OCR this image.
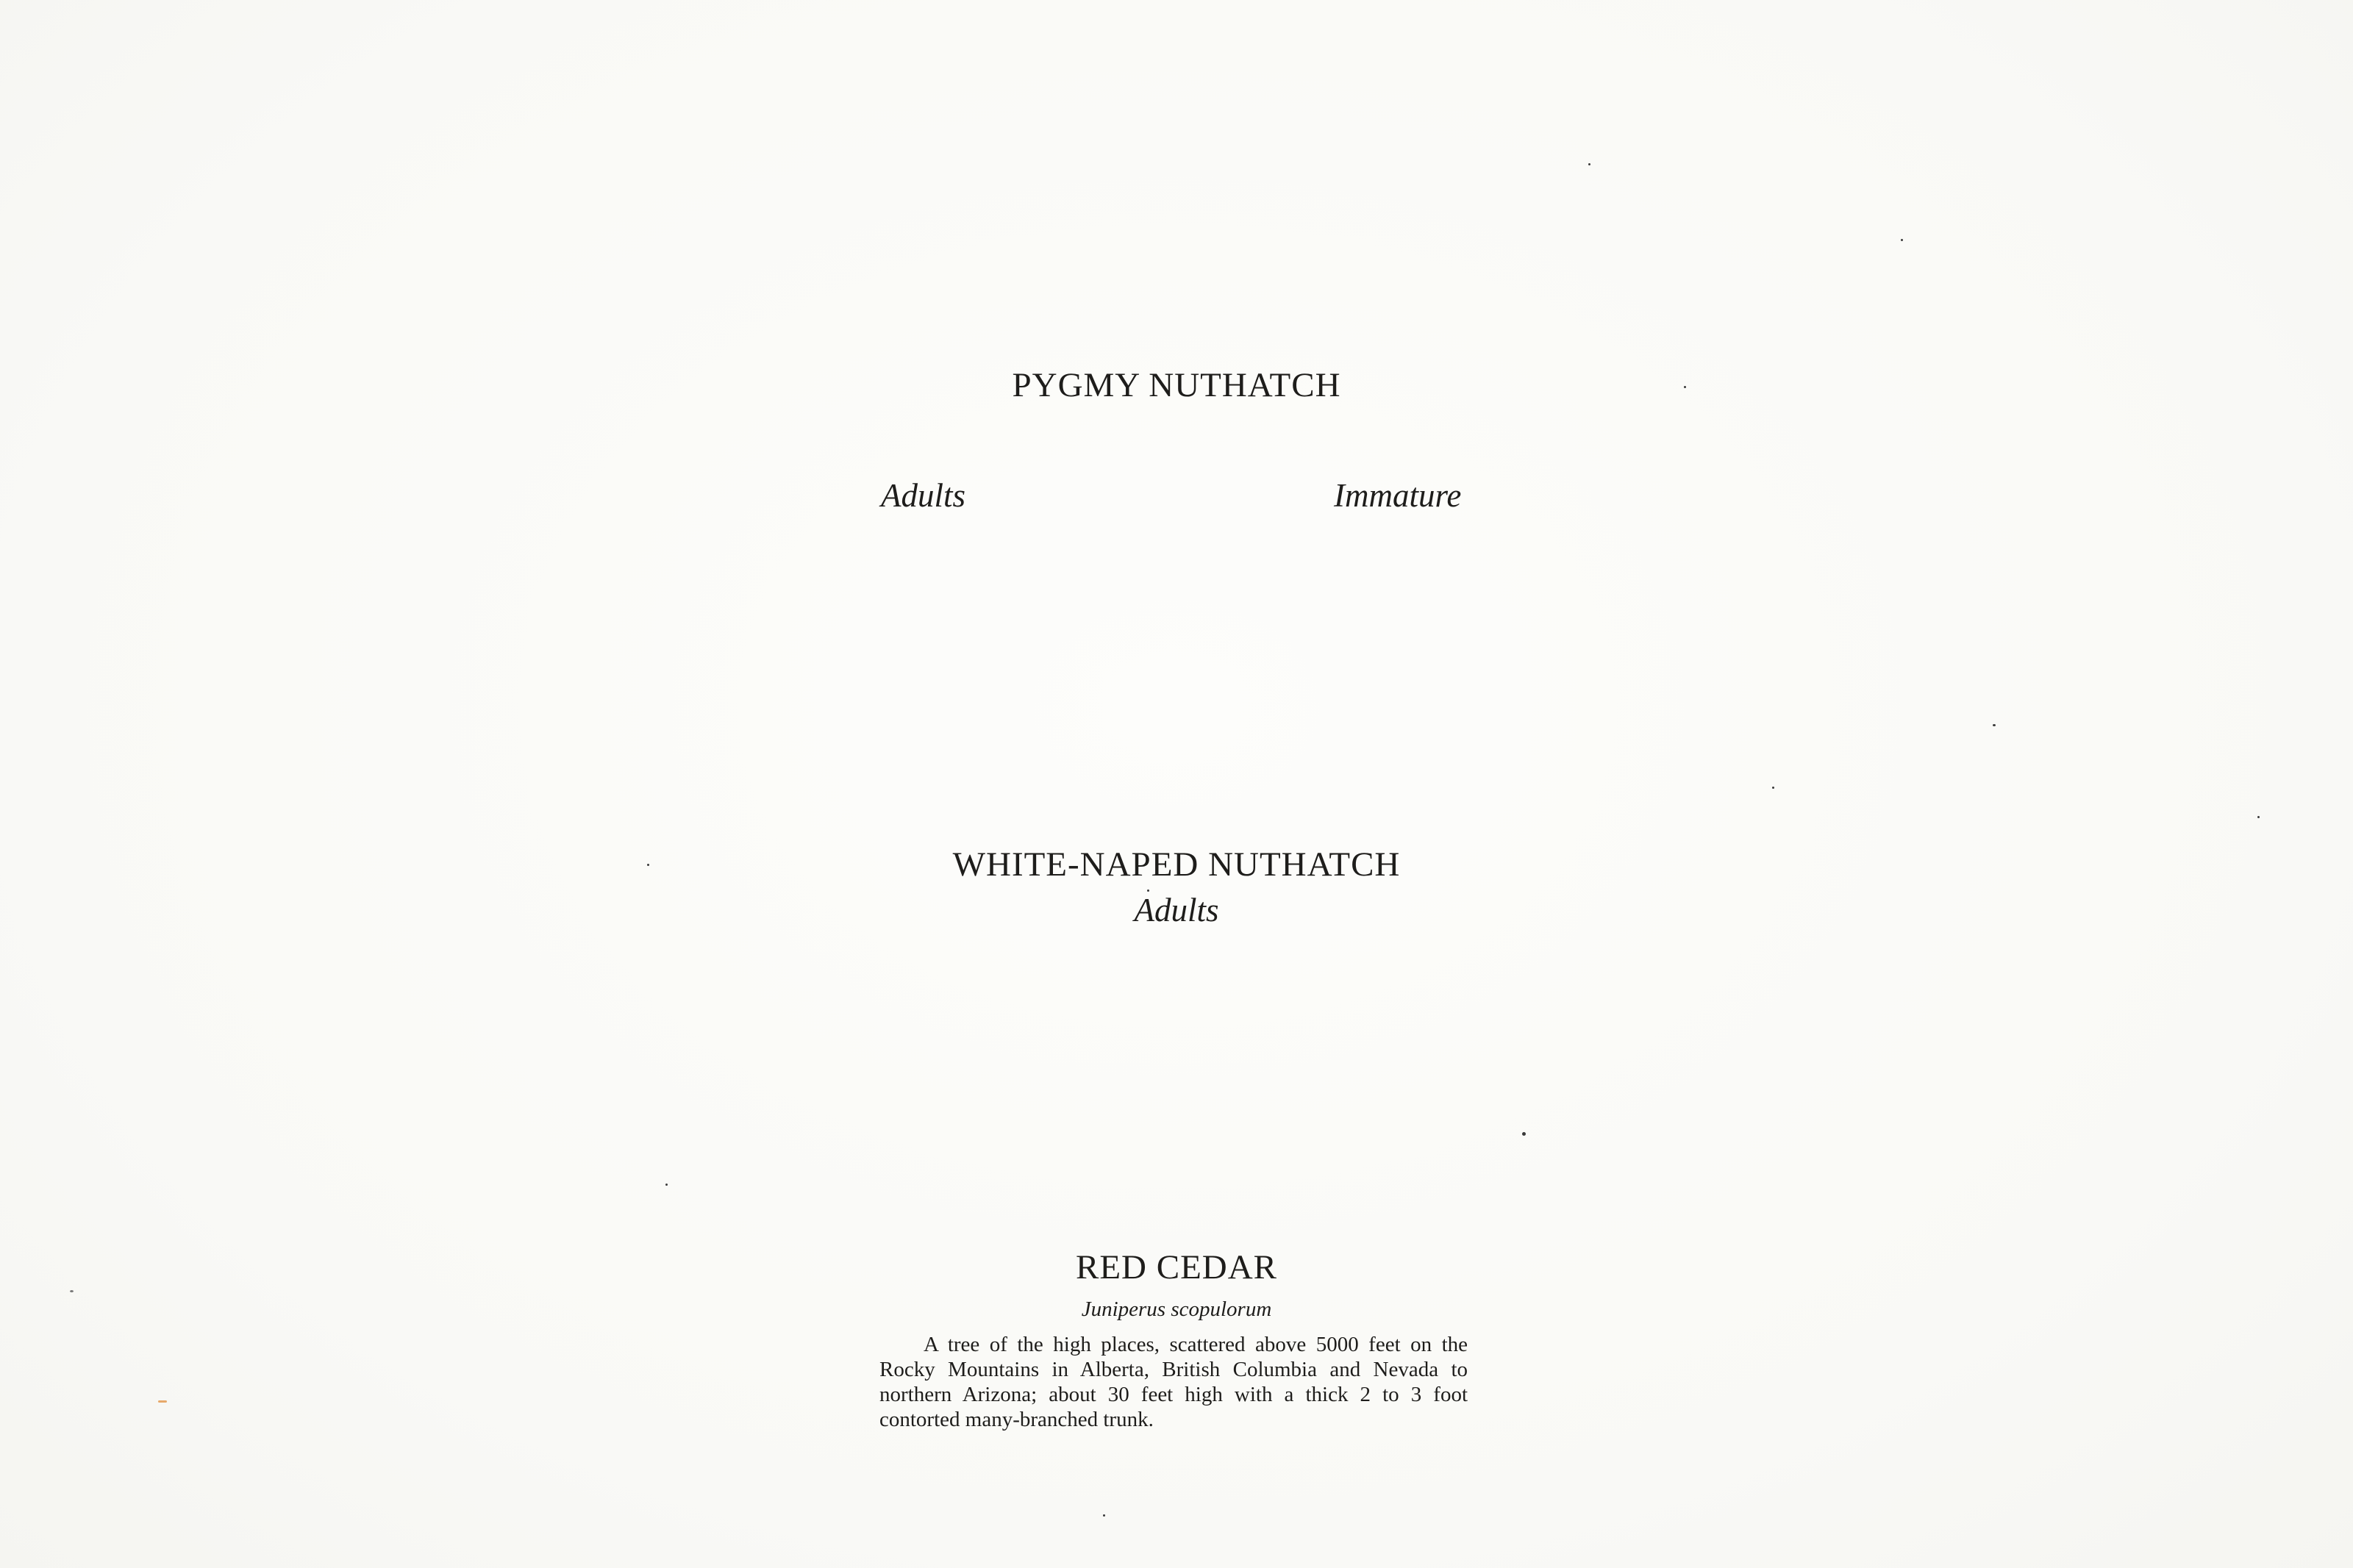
PYGMY NUTHATCH
Adults	Immature
WHITE-NAPED NUTHATCH
Adults
RED CEDAR
Juniperus scopulorum
A tree of the high places, scattered above 5000 feet on the Rocky Mountains in Alberta, British Columbia and Nevada to northern Arizona; about 30 feet high with a thick 2 to 3 foot contorted many-branched trunk.
